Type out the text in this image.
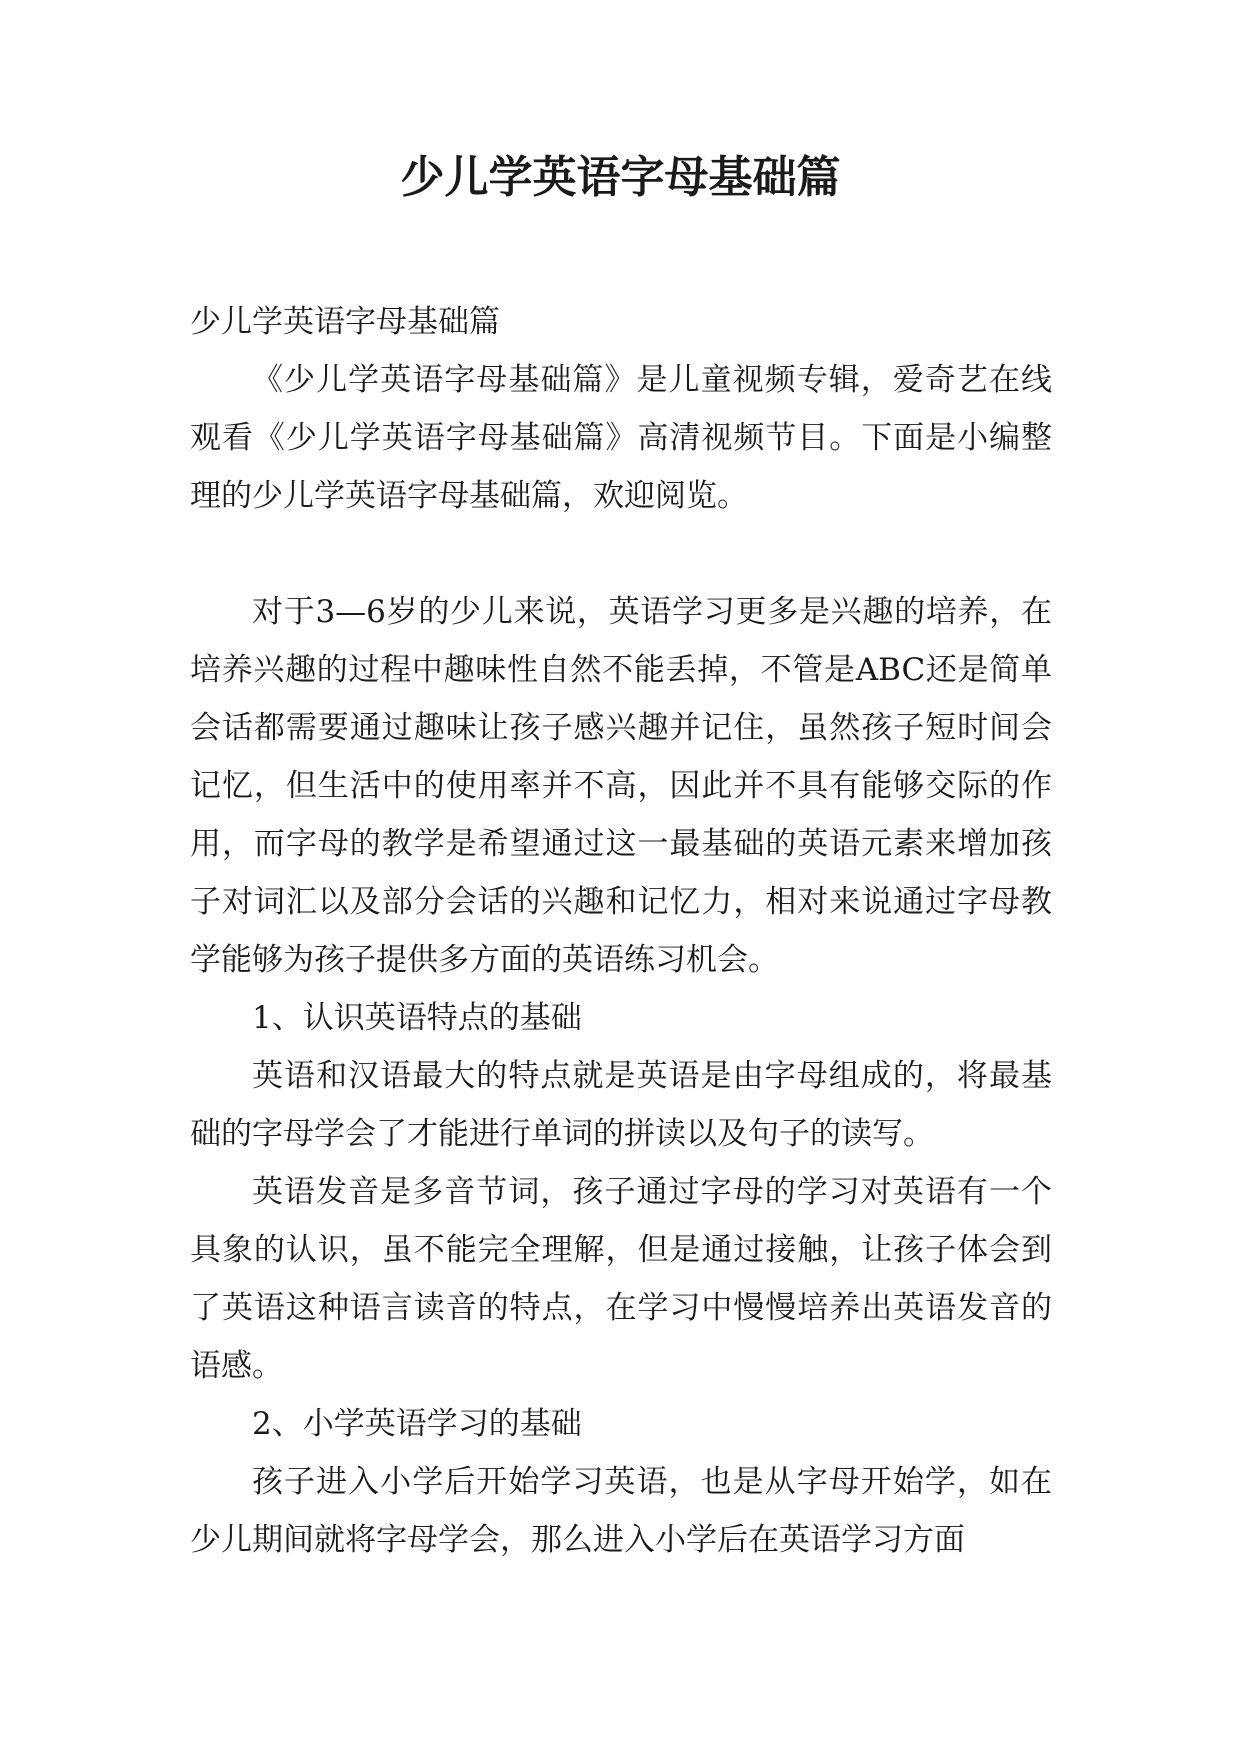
少儿学英语字母基础篇

少儿学英语字母基础篇

《少儿学英语字母基础篇》是儿童视频专辑，爱奇艺在线观看《少儿学英语字母基础篇》高清视频节目。下面是小编整理的少儿学英语字母基础篇，欢迎阅览。

对于3—6岁的少儿来说，英语学习更多是兴趣的培养，在培养兴趣的过程中趣味性自然不能丢掉，不管是ABC还是简单会话都需要通过趣味让孩子感兴趣并记住，虽然孩子短时间会记忆，但生活中的使用率并不高，因此并不具有能够交际的作用，而字母的教学是希望通过这一最基础的英语元素来增加孩子对词汇以及部分会话的兴趣和记忆力，相对来说通过字母教学能够为孩子提供多方面的英语练习机会。

1、认识英语特点的基础

英语和汉语最大的特点就是英语是由字母组成的，将最基础的字母学会了才能进行单词的拼读以及句子的读写。

英语发音是多音节词，孩子通过字母的学习对英语有一个具象的认识，虽不能完全理解，但是通过接触，让孩子体会到了英语这种语言读音的特点，在学习中慢慢培养出英语发音的语感。

2、小学英语学习的基础

孩子进入小学后开始学习英语，也是从字母开始学，如在少儿期间就将字母学会，那么进入小学后在英语学习方面
